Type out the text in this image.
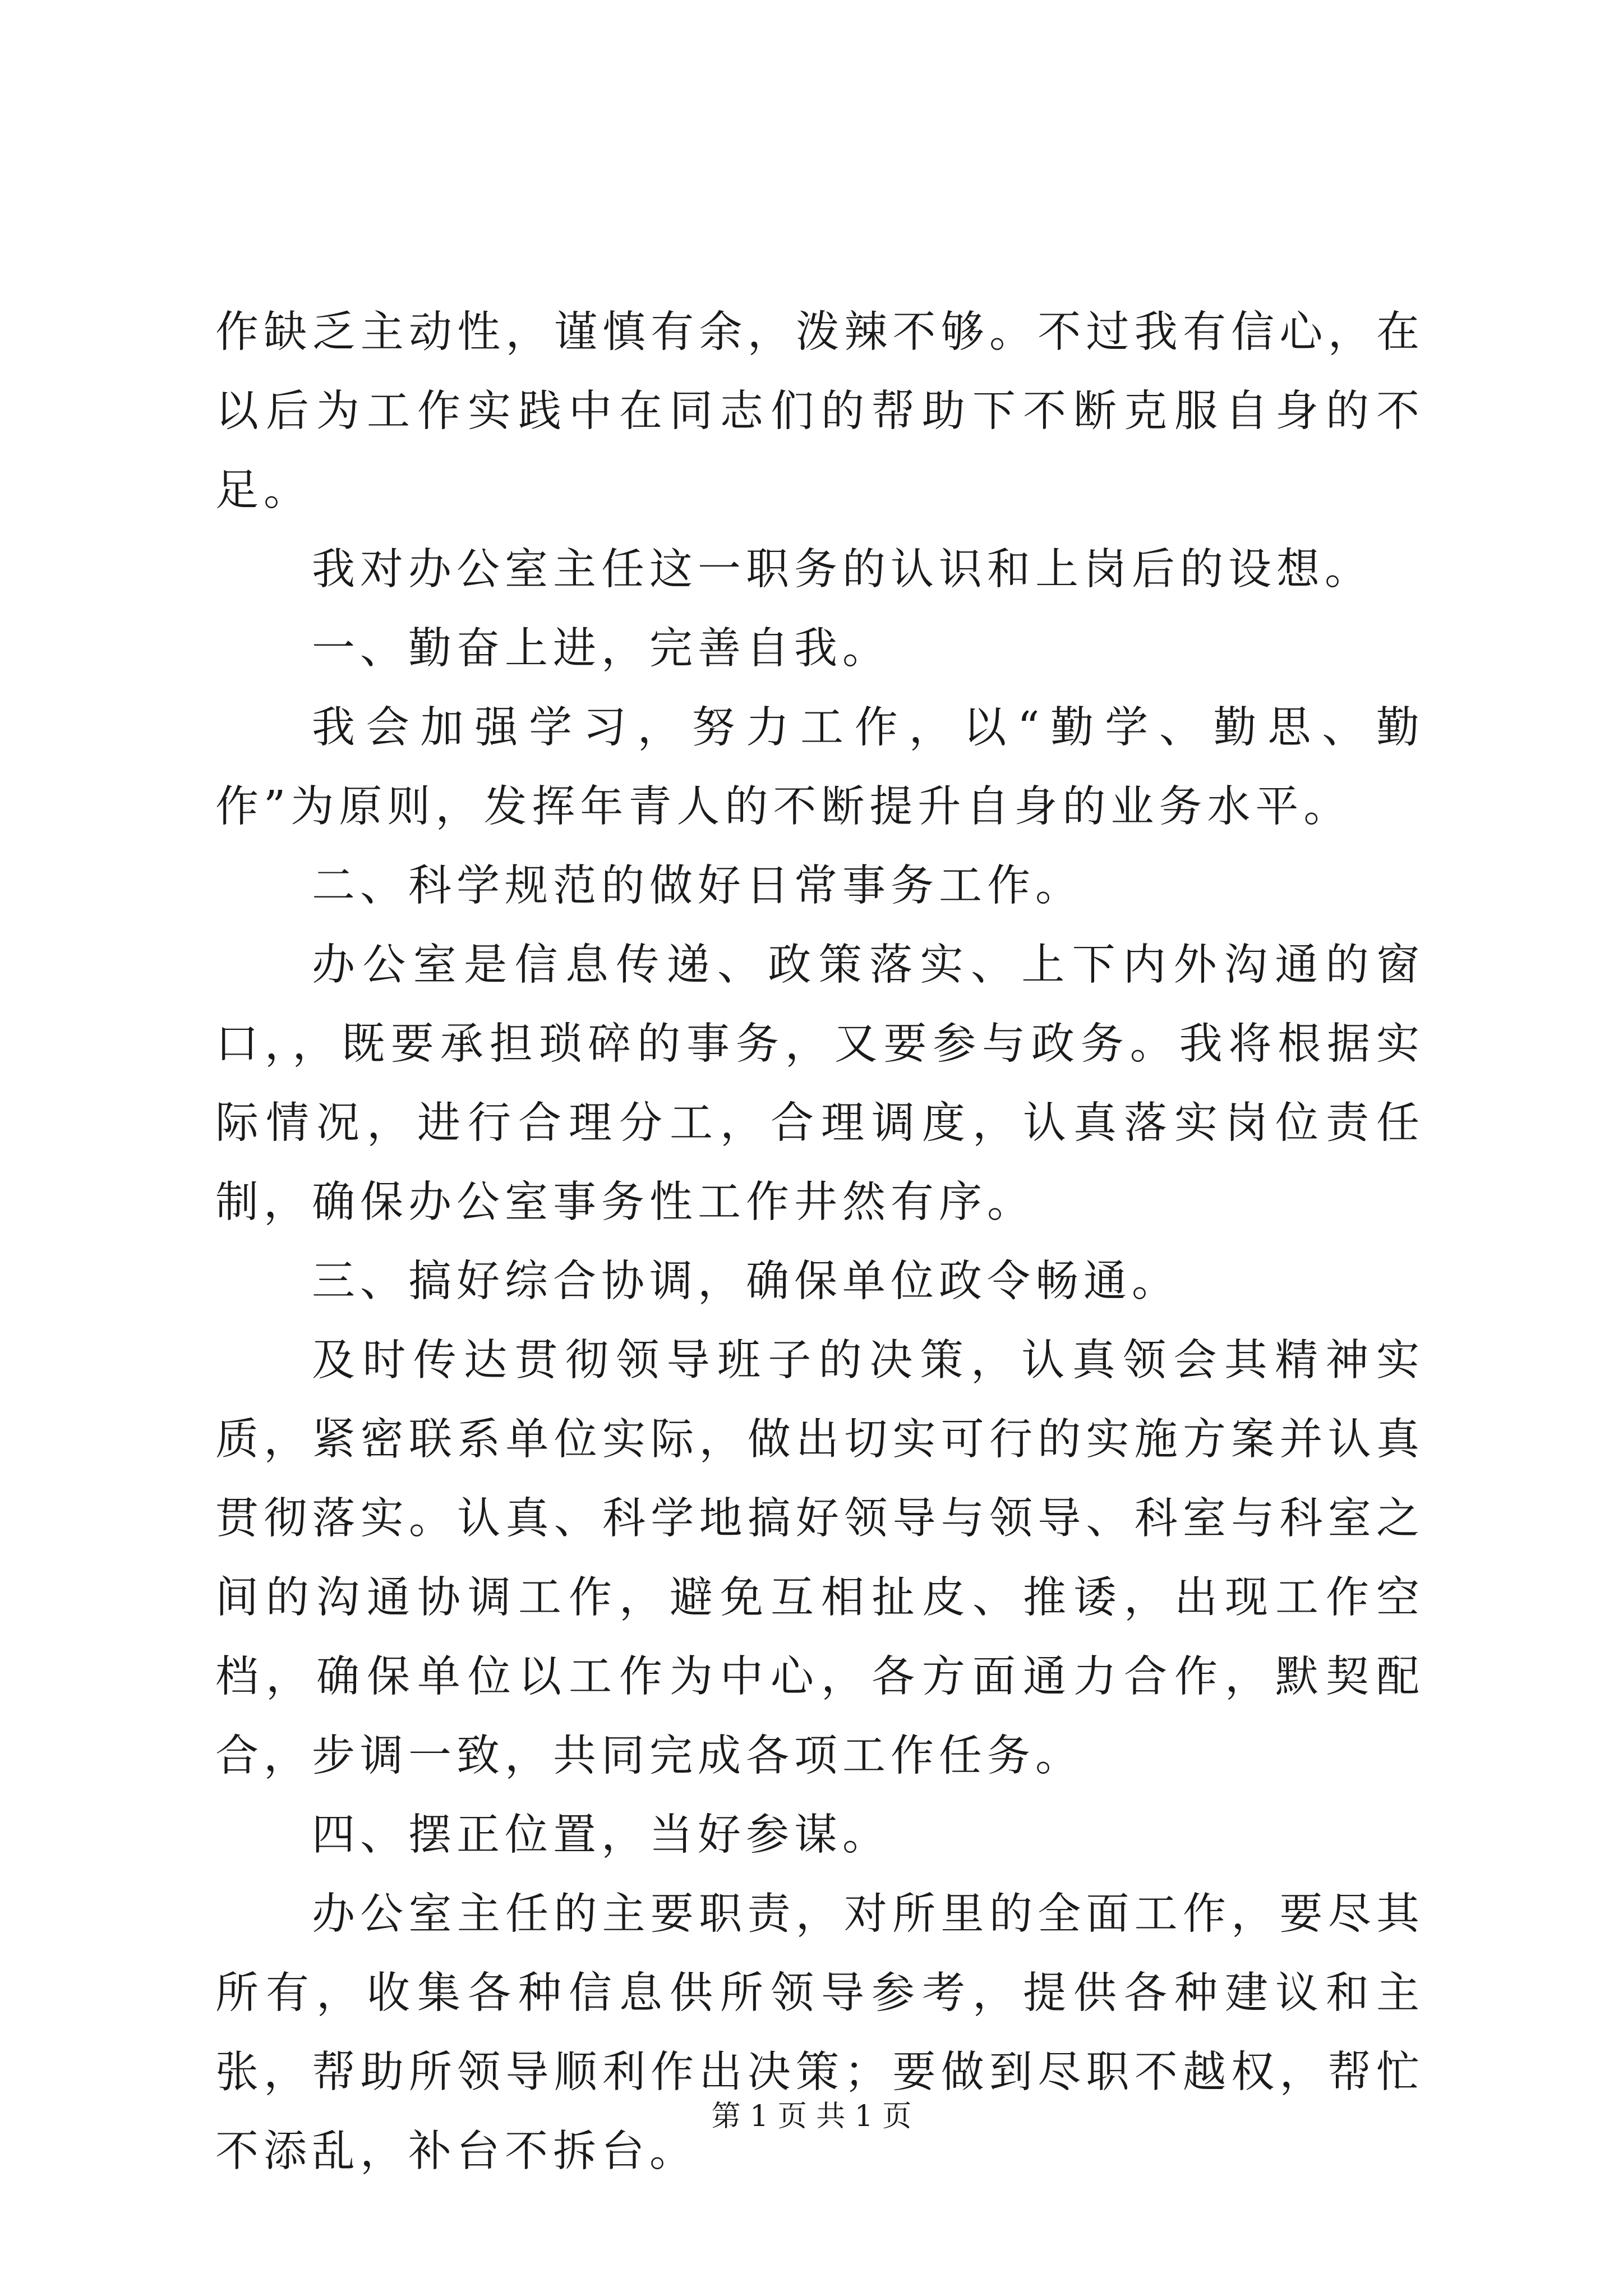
作缺乏主动性，谨慎有余，泼辣不够。不过我有信心，在以后为工作实践中在同志们的帮助下不断克服自身的不足。

我对办公室主任这一职务的认识和上岗后的设想。

一、勤奋上进，完善自我。

我会加强学习，努力工作，以“勤学、勤思、勤作”为原则，发挥年青人的不断提升自身的业务水平。

二、科学规范的做好日常事务工作。

办公室是信息传递、政策落实、上下内外沟通的窗口，，既要承担琐碎的事务，又要参与政务。我将根据实际情况，进行合理分工，合理调度，认真落实岗位责任制，确保办公室事务性工作井然有序。

三、搞好综合协调，确保单位政令畅通。

及时传达贯彻领导班子的决策，认真领会其精神实质，紧密联系单位实际，做出切实可行的实施方案并认真贯彻落实。认真、科学地搞好领导与领导、科室与科室之间的沟通协调工作，避免互相扯皮、推诿，出现工作空档，确保单位以工作为中心，各方面通力合作，默契配合，步调一致，共同完成各项工作任务。

四、摆正位置，当好参谋。

办公室主任的主要职责，对所里的全面工作，要尽其所有，收集各种信息供所领导参考，提供各种建议和主张，帮助所领导顺利作出决策；要做到尽职不越权，帮忙不添乱，补台不拆台。

第 1 页 共 1 页
